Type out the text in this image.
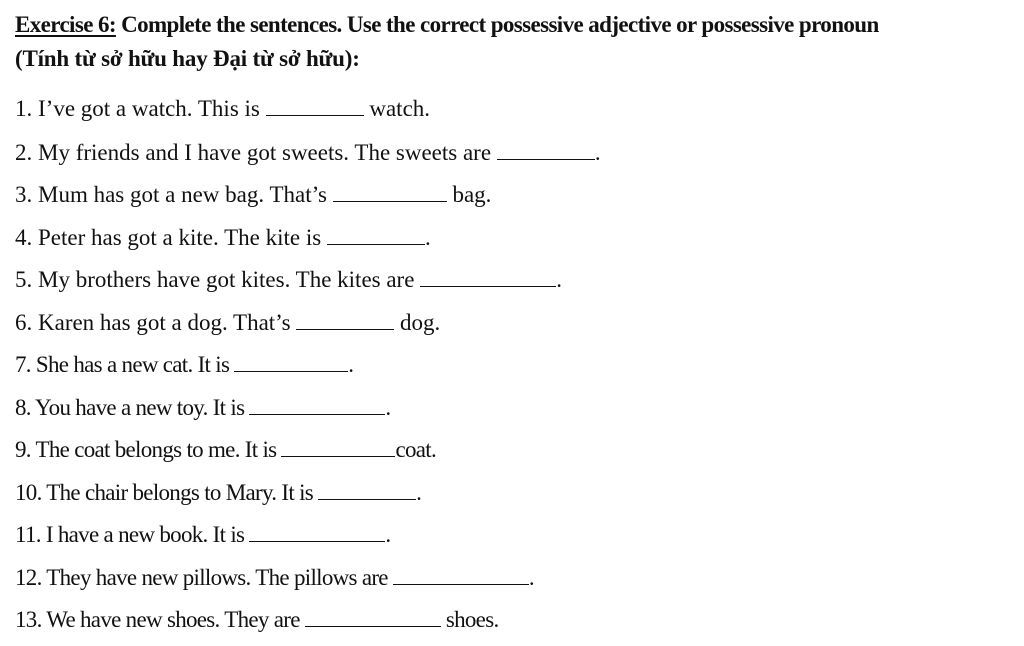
Exercise 6: Complete the sentences. Use the correct possessive adjective or possessive pronoun
(Tính từ sở hữu hay Đại từ sở hữu):
1. I’ve got a watch. This is	watch.
2. My friends and I have got sweets. The sweets are	.
3. Mum has got a new bag. That’s	bag.
4. Peter has got a kite. The kite is	.
5. My brothers have got kites. The kites are	.
6. Karen has got a dog. That’s	dog.
7. She has a new cat. It is	.
8. You have a new toy. It is	.
9. The coat belongs to me. It is	coat.
10. The chair belongs to Mary. It is	.
11. I have a new book. It is	.
12. They have new pillows. The pillows are	.
13. We have new shoes. They are	shoes.
